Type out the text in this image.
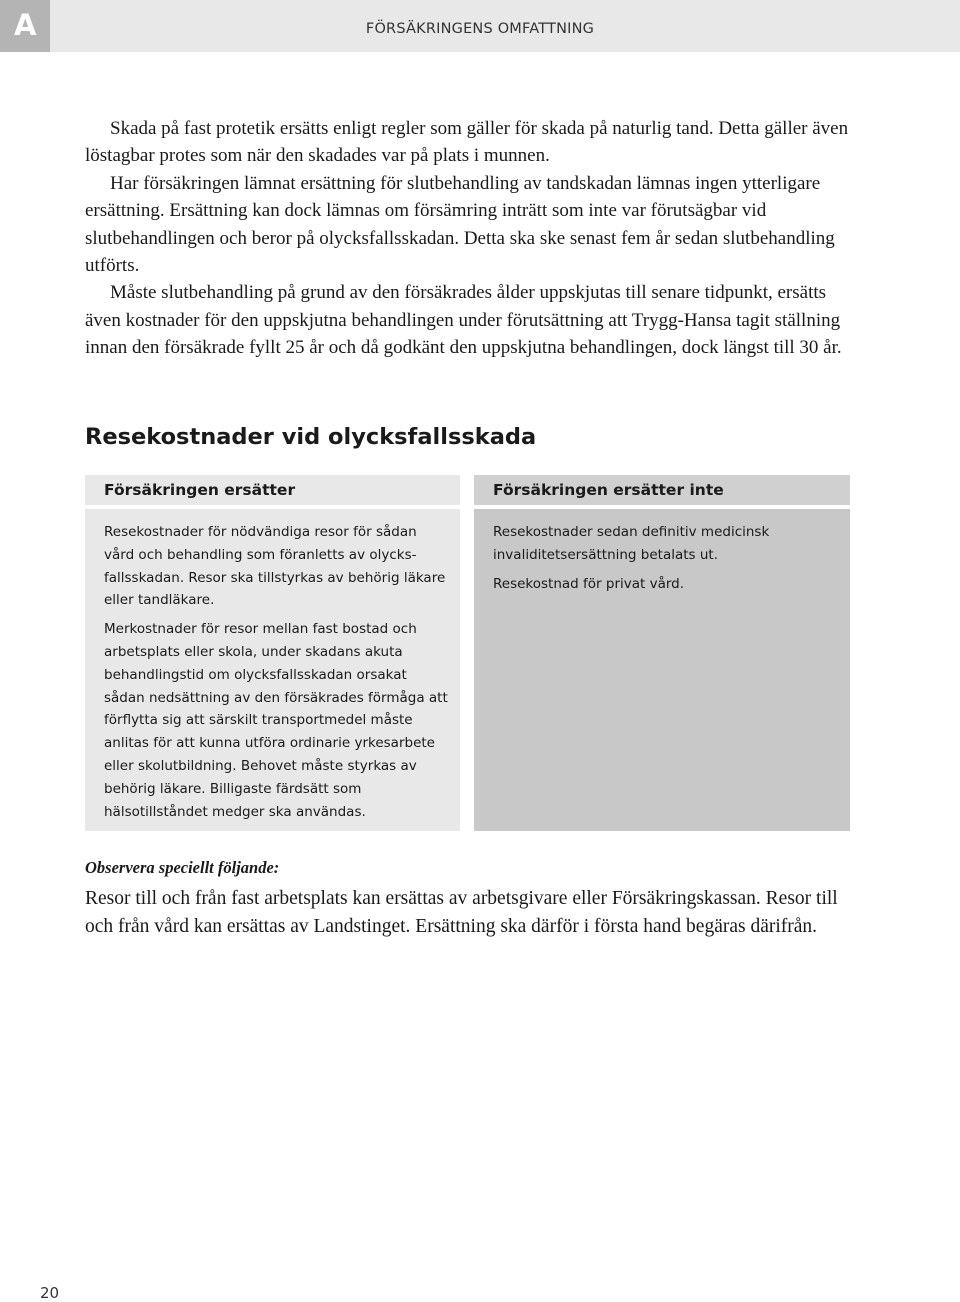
A	FÖRSÄKRINGENS OMFATTNING

Skada på fast protetik ersätts enligt regler som gäller för skada på naturlig tand. Detta gäller även löstagbar protes som när den skadades var på plats i munnen.

Har försäkringen lämnat ersättning för slutbehandling av tandskadan lämnas ingen ytterligare ersättning. Ersättning kan dock lämnas om försämring inträtt som inte var förutsägbar vid slutbehandlingen och beror på olycksfallsskadan. Detta ska ske senast fem år sedan slutbehandling utförts.

Måste slutbehandling på grund av den försäkrades ålder uppskjutas till senare tidpunkt, ersätts även kostnader för den uppskjutna behandlingen under förutsättning att Trygg-Hansa tagit ställning innan den försäkrade fyllt 25 år och då godkänt den uppskjutna behandlingen, dock längst till 30 år.

Resekostnader vid olycksfallsskada
Försäkringen ersätter

Resekostnader för nödvändiga resor för sådan vård och behandling som föranletts av olycks-fallsskadan. Resor ska tillstyrkas av behörig läkare eller tandläkare.

Merkostnader för resor mellan fast bostad och arbetsplats eller skola, under skadans akuta behandlingstid om olycksfallsskadan orsakat sådan nedsättning av den försäkrades förmåga att förflytta sig att särskilt transportmedel måste anlitas för att kunna utföra ordinarie yrkesarbete eller skolutbildning. Behovet måste styrkas av behörig läkare. Billigaste färdsätt som hälsotillståndet medger ska användas.

Försäkringen ersätter inte

Resekostnader sedan definitiv medicinsk invaliditetsersättning betalats ut.

Resekostnad för privat vård.

Observera speciellt följande:

Resor till och från fast arbetsplats kan ersättas av arbetsgivare eller Försäkringskassan. Resor till och från vård kan ersättas av Landstinget. Ersättning ska därför i första hand begäras därifrån.

20
